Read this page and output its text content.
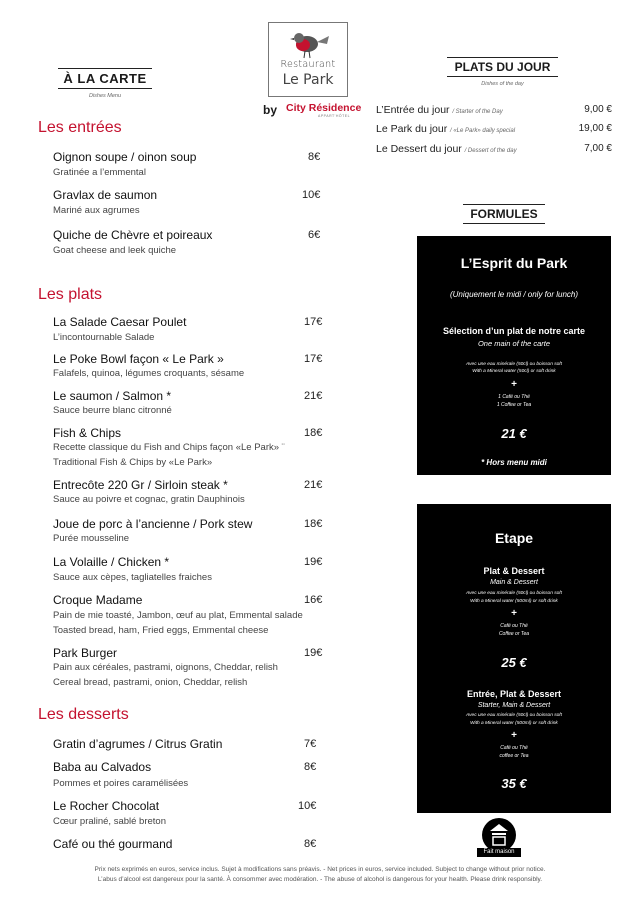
À LA CARTE
Dishes Menu
Restaurant
Le Park
by City Résidence
APPART'HÔTEL
Les entrées
Oignon soupe / oinon soup	8€
Gratinée a l’emmental
Gravlax de saumon	10€
Mariné aux agrumes
Quiche de Chèvre et poireaux	6€
Goat cheese and leek quiche
Les plats
La Salade Caesar Poulet	17€
L’incontournable Salade
Le Poke Bowl façon « Le Park »	17€
Falafels, quinoa, légumes croquants, sésame
Le saumon / Salmon *	21€
Sauce beurre blanc citronné
Fish & Chips	18€
Recette classique du Fish and Chips façon «Le Park» ¨
Traditional Fish & Chips by «Le Park»
Entrecôte 220 Gr / Sirloin steak *	21€
Sauce au poivre et cognac, gratin Dauphinois
Joue de porc à l’ancienne / Pork stew	18€
Purée mousseline
La Volaille / Chicken *	19€
Sauce aux cèpes, tagliatelles fraiches
Croque Madame	16€
Pain de mie toasté, Jambon, œuf au plat, Emmental salade
Toasted bread, ham, Fried eggs, Emmental cheese
Park Burger	19€
Pain aux céréales, pastrami, oignons, Cheddar, relish
Cereal bread, pastrami, onion, Cheddar, relish
Les desserts
Gratin d’agrumes / Citrus Gratin	7€
Baba au Calvados	8€
Pommes et poires caramélisées
Le Rocher Chocolat	10€
Cœur praliné, sablé breton
Café ou thé gourmand	8€
PLATS DU JOUR
Dishes of the day
L’Entrée du jour / Starter of the Day	9,00 €
Le Park du jour / «Le Park» daily special	19,00 €
Le Dessert du jour / Dessert of the day	7,00 €
FORMULES
L’Esprit du Park
(Uniquement le midi / only for lunch)
Sélection d’un plat de notre carte
One main of the carte
Avec une eau minérale (50cl) ou boisson soft
With a Mineral water (50cl) or soft drink
+
1 Café ou Thé
1 Coffee or Tea
21 €
* Hors menu midi
Etape
Plat & Dessert
Main & Dessert
Avec une eau minérale (50cl) ou boisson soft
With a Mineral water (500ml) or soft drink
+
Café ou Thé
Coffee or Tea
25 €
Entrée, Plat & Dessert
Starter, Main & Dessert
Avec une eau minérale (50cl) ou boisson soft
With a Mineral water (500ml) or soft drink
+
Café ou Thé
coffee or Tea
35 €
Fait maison
Prix nets exprimés en euros, service inclus. Sujet à modifications sans préavis. - Net prices in euros, service included. Subject to change without prior notice.
L’abus d’alcool est dangereux pour la santé. À consommer avec modération. - The abuse of alcohol is dangerous for your health. Please drink responsibly.
